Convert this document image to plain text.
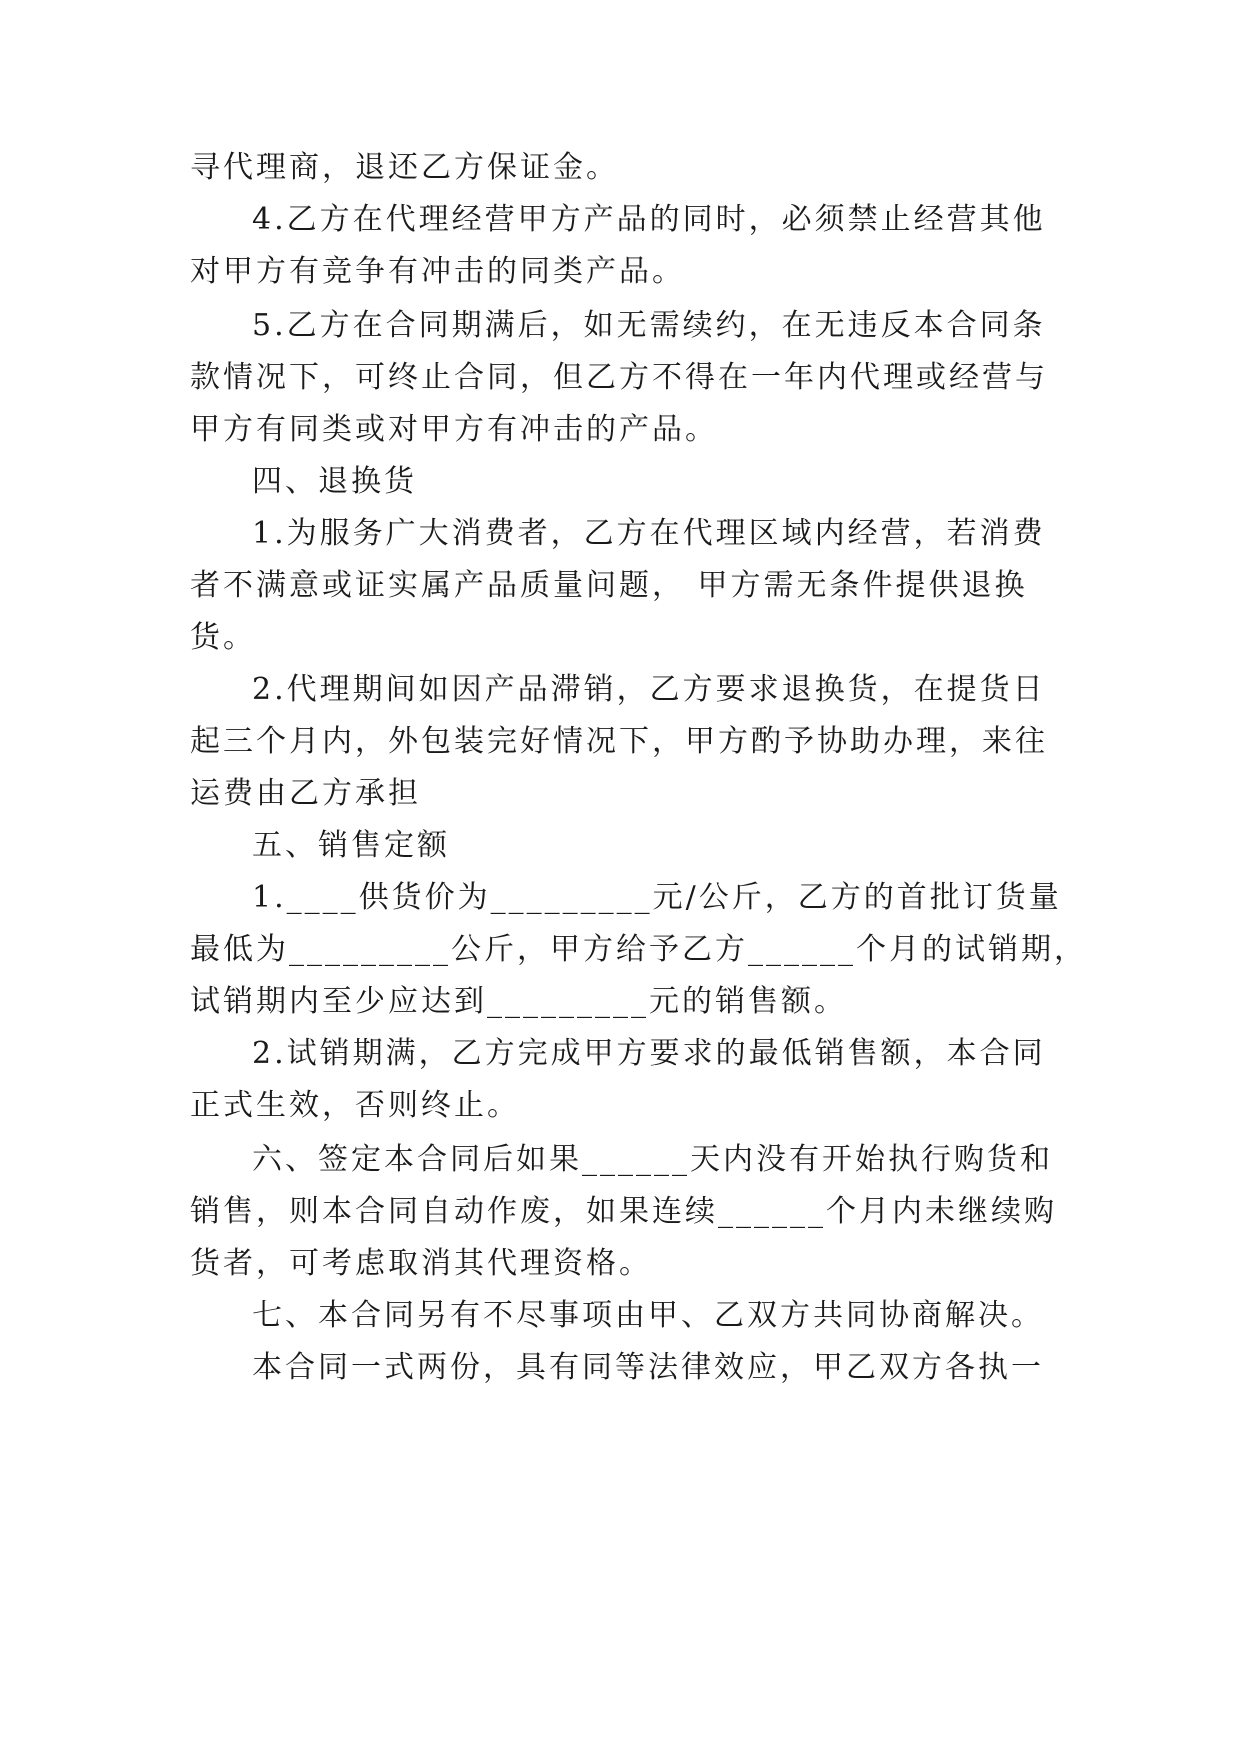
寻代理商，退还乙方保证金。
4.乙方在代理经营甲方产品的同时，必须禁止经营其他
对甲方有竞争有冲击的同类产品。
5.乙方在合同期满后，如无需续约，在无违反本合同条
款情况下，可终止合同，但乙方不得在一年内代理或经营与
甲方有同类或对甲方有冲击的产品。
四、退换货
1.为服务广大消费者，乙方在代理区域内经营，若消费
者不满意或证实属产品质量问题， 甲方需无条件提供退换
货。
2.代理期间如因产品滞销，乙方要求退换货，在提货日
起三个月内，外包装完好情况下，甲方酌予协助办理，来往
运费由乙方承担
五、销售定额
1.____供货价为_________元/公斤，乙方的首批订货量
最低为_________公斤，甲方给予乙方______个月的试销期，
试销期内至少应达到_________元的销售额。
2.试销期满，乙方完成甲方要求的最低销售额，本合同
正式生效，否则终止。
六、签定本合同后如果______天内没有开始执行购货和
销售，则本合同自动作废，如果连续______个月内未继续购
货者，可考虑取消其代理资格。
七、本合同另有不尽事项由甲、乙双方共同协商解决。
本合同一式两份，具有同等法律效应，甲乙双方各执一
